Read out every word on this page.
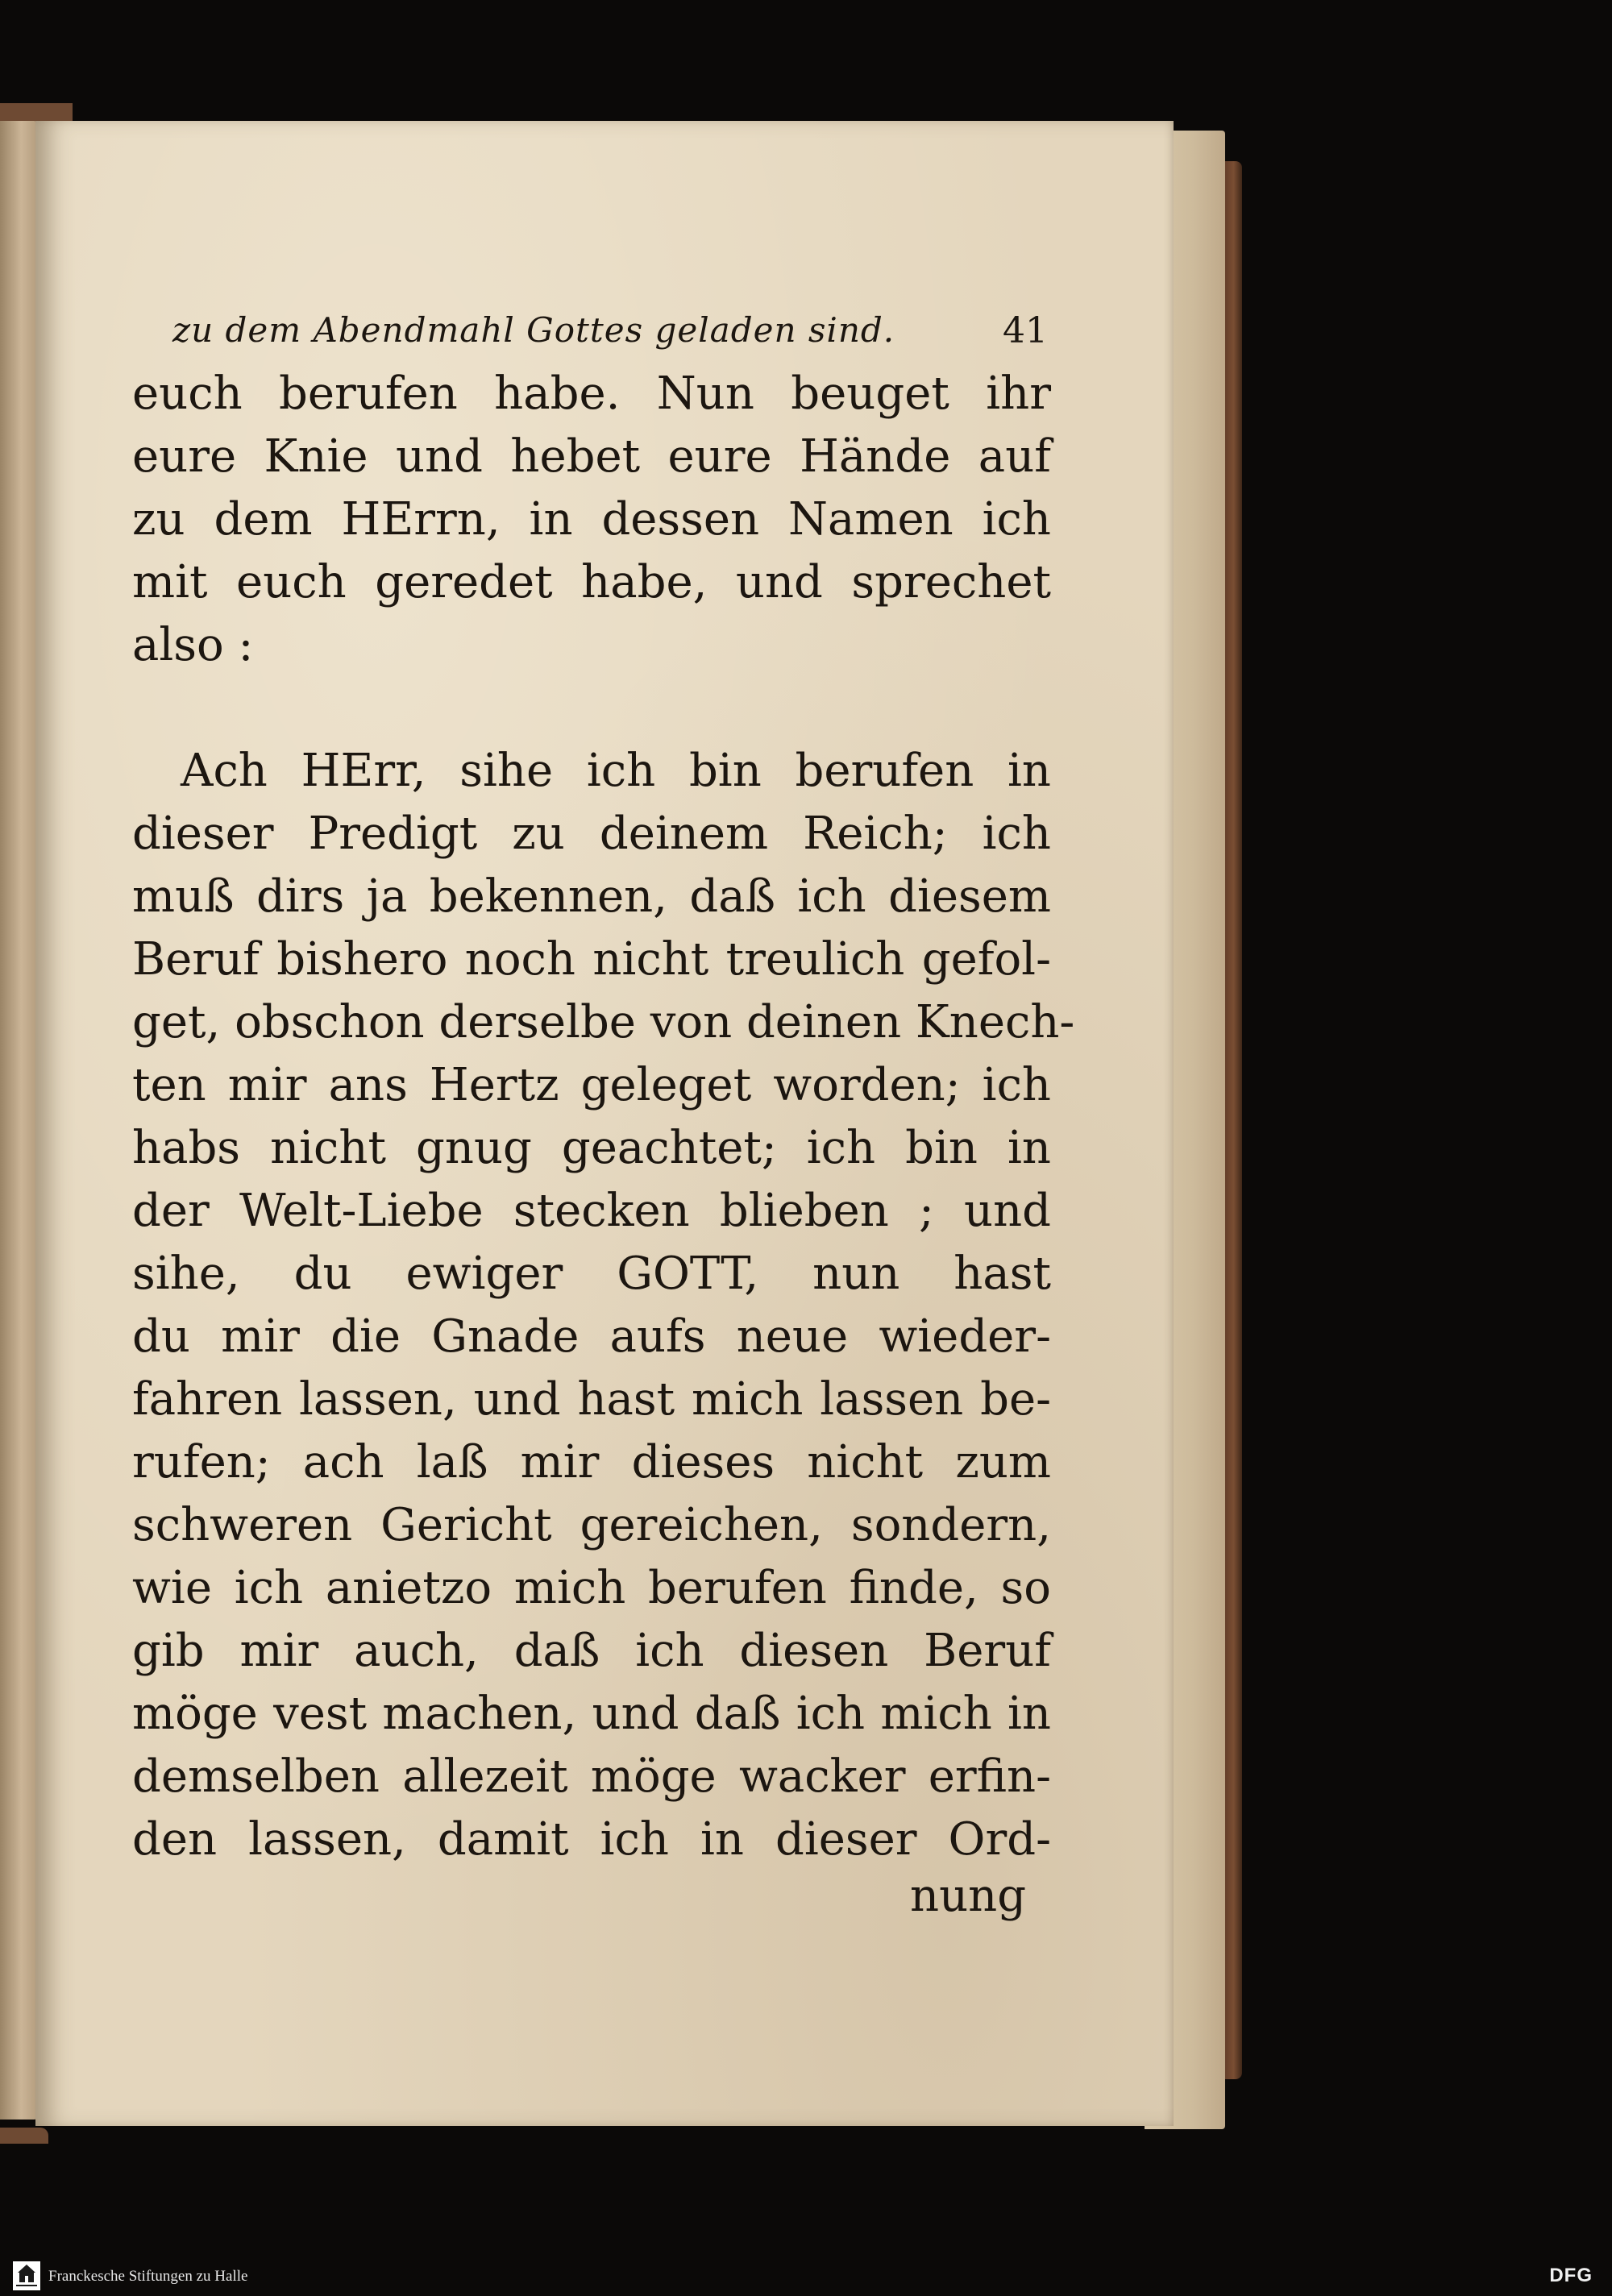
zu dem Abendmahl Gottes geladen sind.	41
euch berufen habe. Nun beuget ihr
eure Knie und hebet eure Hände auf
zu dem HErrn, in dessen Namen ich
mit euch geredet habe, und sprechet
also :
Ach HErr, sihe ich bin berufen in
dieser Predigt zu deinem Reich; ich
muß dirs ja bekennen, daß ich diesem
Beruf bishero noch nicht treulich gefol-
get, obschon derselbe von deinen Knech-
ten mir ans Hertz geleget worden; ich
habs nicht gnug geachtet; ich bin in
der Welt-Liebe stecken blieben ; und
sihe, du ewiger GOTT, nun hast
du mir die Gnade aufs neue wieder-
fahren lassen, und hast mich lassen be-
rufen; ach laß mir dieses nicht zum
schweren Gericht gereichen, sondern,
wie ich anietzo mich berufen finde, so
gib mir auch, daß ich diesen Beruf
möge vest machen, und daß ich mich in
demselben allezeit möge wacker erfin-
den lassen, damit ich in dieser Ord-
nung
Franckesche Stiftungen zu Halle	DFG
